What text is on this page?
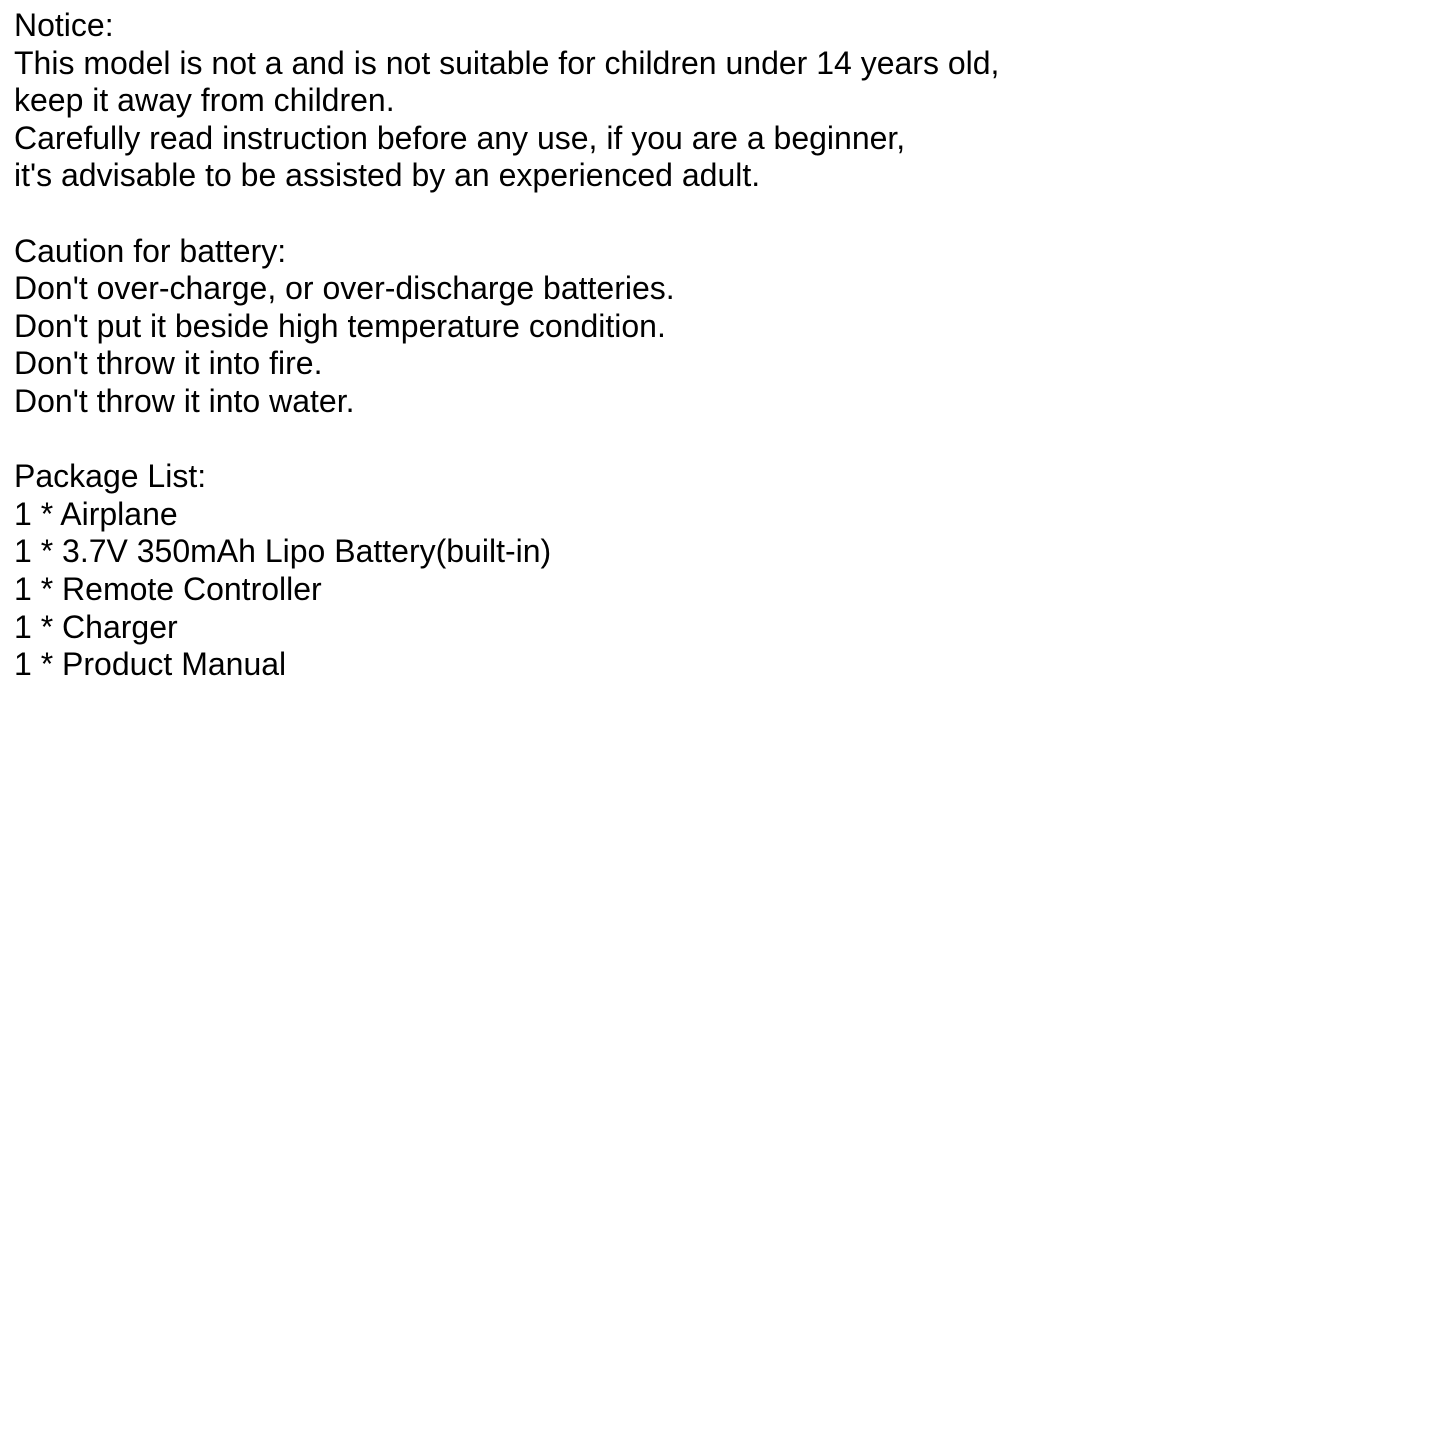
Notice:
This model is not a and is not suitable for children under 14 years old,
keep it away from children.
Carefully read instruction before any use, if you are a beginner,
it's advisable to be assisted by an experienced adult.
Caution for battery:
Don't over-charge, or over-discharge batteries.
Don't put it beside high temperature condition.
Don't throw it into fire.
Don't throw it into water.
Package List:
1 * Airplane
1 * 3.7V 350mAh Lipo Battery(built-in)
1 * Remote Controller
1 * Charger
1 * Product Manual
